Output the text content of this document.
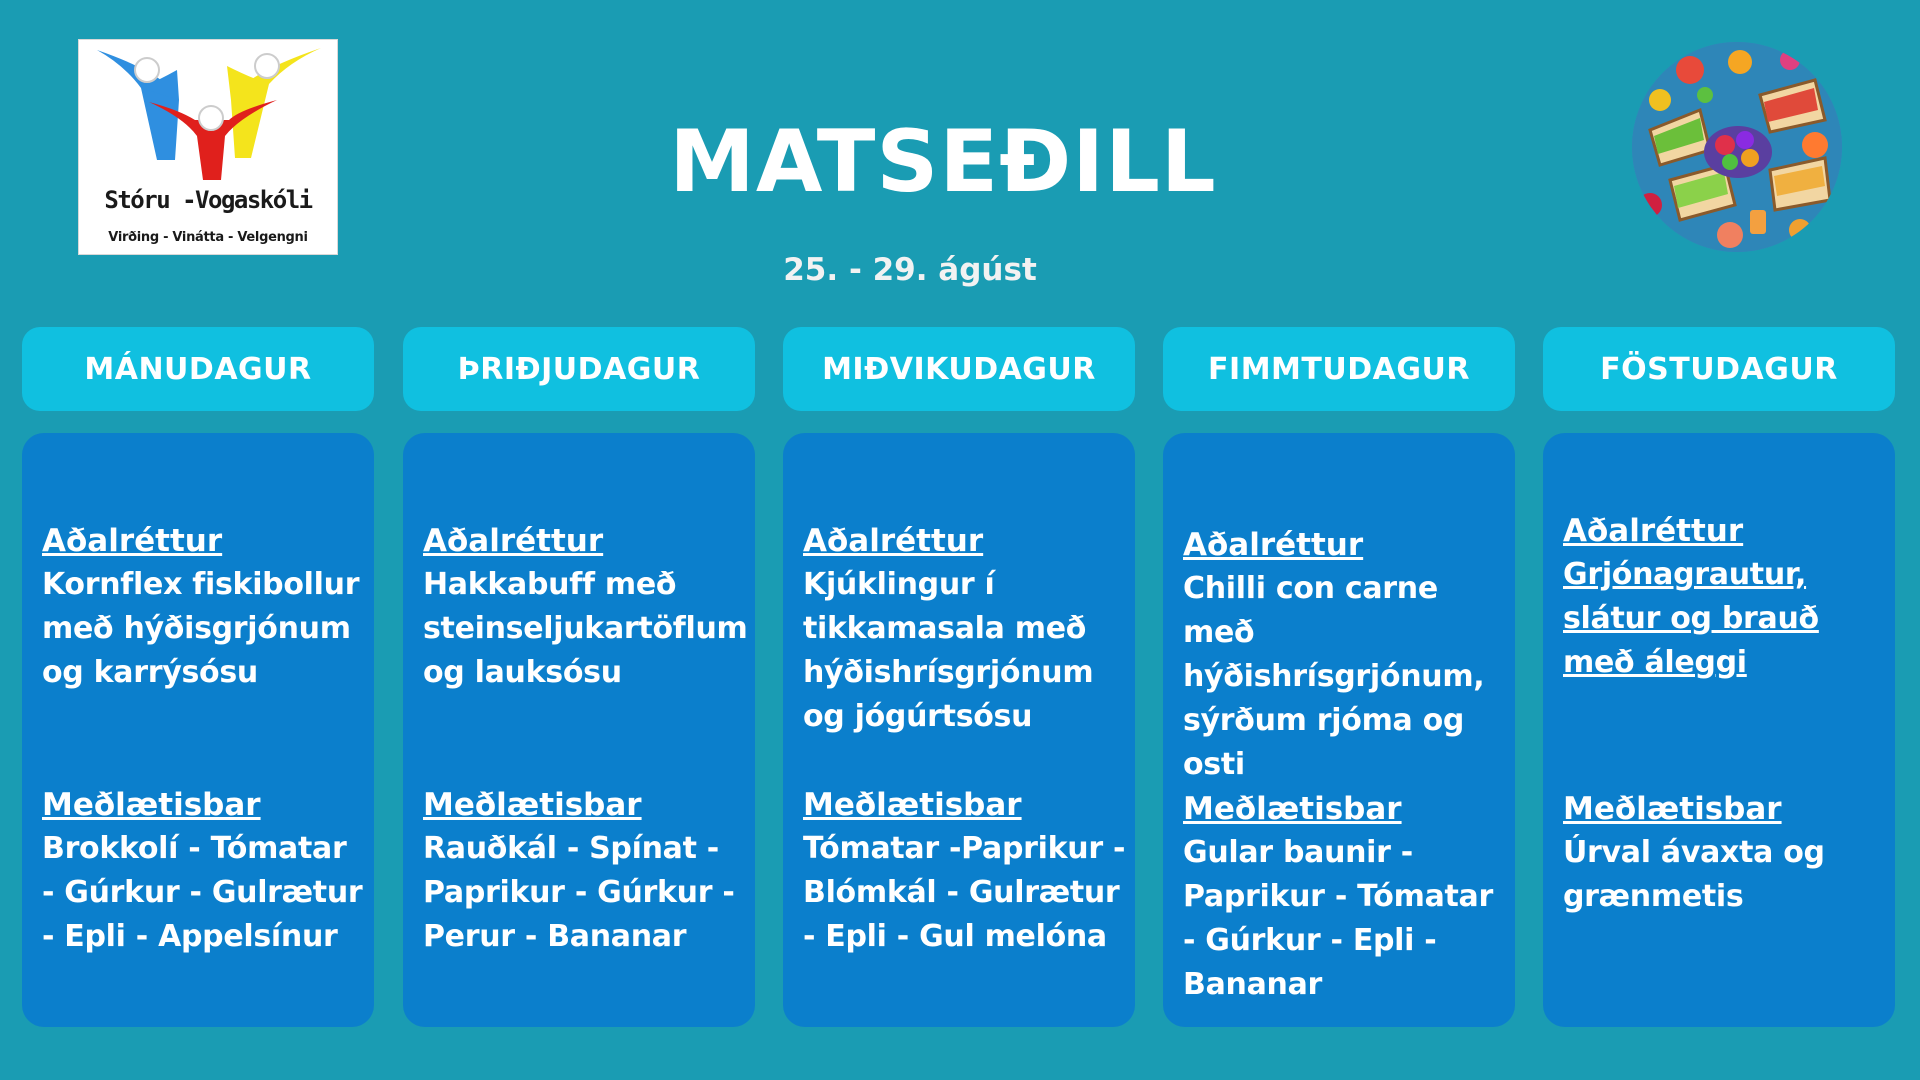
Stóru -Vogaskóli
Virðing - Vinátta - Velgengni
MATSEÐILL
25. - 29. ágúst
MÁNUDAGUR	ÞRIÐJUDAGUR	MIÐVIKUDAGUR	FIMMTUDAGUR	FÖSTUDAGUR
Aðalréttur
Kornflex fiskibollur með hýðisgrjónum og karrýsósu
Meðlætisbar
Brokkolí - Tómatar - Gúrkur - Gulrætur - Epli - Appelsínur
Aðalréttur
Hakkabuff með steinseljukartöflum og lauksósu
Meðlætisbar
Rauðkál - Spínat - Paprikur - Gúrkur - Perur - Bananar
Aðalréttur
Kjúklingur í tikkamasala með hýðishrísgrjónum og jógúrtsósu
Meðlætisbar
Tómatar -Paprikur - Blómkál - Gulrætur - Epli - Gul melóna
Aðalréttur
Chilli con carne með hýðishrísgrjónum, sýrðum rjóma og osti
Meðlætisbar
Gular baunir - Paprikur - Tómatar - Gúrkur - Epli - Bananar
Aðalréttur
Grjónagrautur, slátur og brauð með áleggi
Meðlætisbar
Úrval ávaxta og grænmetis
